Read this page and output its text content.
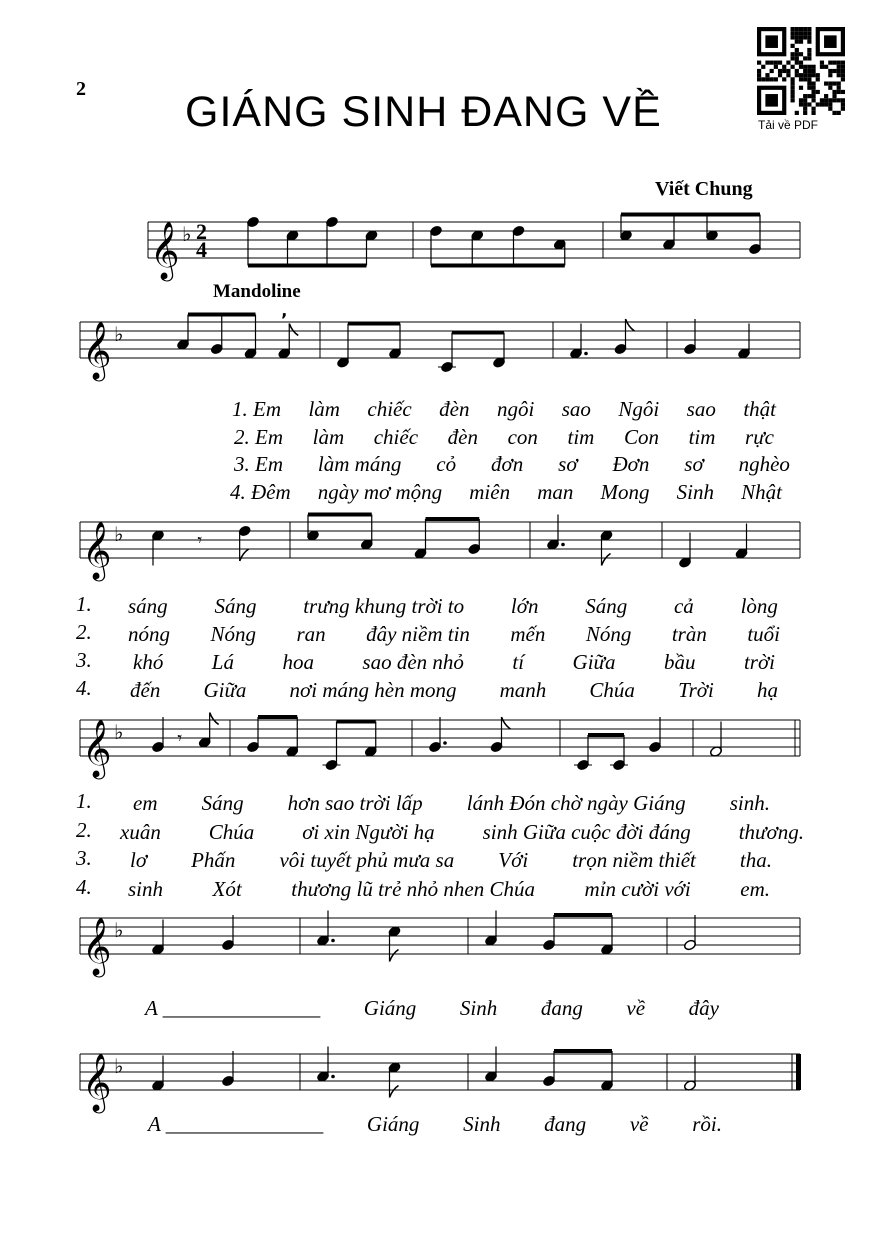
2 GIÁNG SINH ĐANG VỀ	Tải về PDF
Viết Chung
Mandoline
𝄞 ♭ 2
4
𝄞 ♭
,
𝄞 ♭	𝄾
𝄞 ♭	𝄾
𝄞 ♭
𝄞 ♭
1. Em làm chiếc đèn ngôi sao Ngôi sao thật
2. Em làm chiếc đèn con tim Con tim rực
3. Em làm máng cỏ đơn sơ Đơn sơ nghèo
4. Đêm ngày mơ mộng miên man Mong Sinh Nhật
1.
2.
3.
4.
sáng Sáng trưng khung trời to lớn Sáng cả lòng
nóng Nóng ran đây niềm tin mến Nóng tràn tuổi
khó Lá hoa sao đèn nhỏ tí Giữa bầu trời
đến Giữa nơi máng hèn mong manh Chúa Trời hạ
1.
2.
3.
4.
em Sáng hơn sao trời lấp lánh Đón chờ ngày Giáng sinh.
xuân Chúa ơi xin Người hạ sinh Giữa cuộc đời đáng thương.
lơ Phấn vôi tuyết phủ mưa sa Với trọn niềm thiết tha.
sinh Xót thương lũ trẻ nhỏ nhen Chúa mỉn cười với em.
A _______________ Giáng Sinh đang về đây
A _______________ Giáng Sinh đang về rồi.
